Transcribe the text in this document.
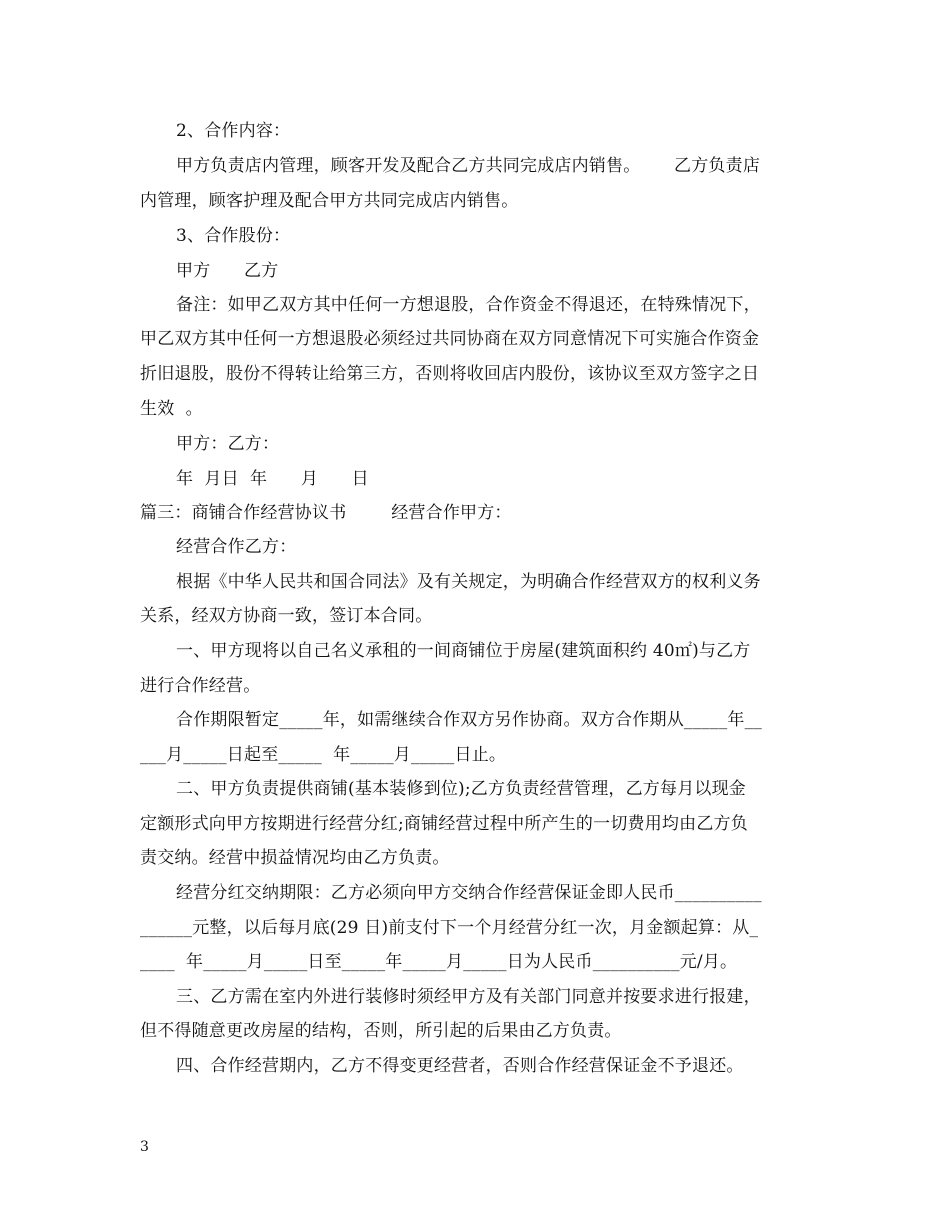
2、合作内容：
甲方负责店内管理，顾客开发及配合乙方共同完成店内销售。      乙方负责店
内管理，顾客护理及配合甲方共同完成店内销售。
3、合作股份：
甲方      乙方
备注：如甲乙双方其中任何一方想退股，合作资金不得退还，在特殊情况下，
甲乙双方其中任何一方想退股必须经过共同协商在双方同意情况下可实施合作资金
折旧退股，股份不得转让给第三方，否则将收回店内股份，该协议至双方签字之日
生效  。
甲方：乙方：
年  月日  年      月      日
篇三：商铺合作经营协议书        经营合作甲方：
经营合作乙方：
根据《中华人民共和国合同法》及有关规定，为明确合作经营双方的权利义务
关系，经双方协商一致，签订本合同。
一、甲方现将以自己名义承租的一间商铺位于房屋(建筑面积约 40㎡)与乙方
进行合作经营。
合作期限暂定_____年，如需继续合作双方另作协商。双方合作期从_____年__
___月_____日起至_____  年_____月_____日止。
二、甲方负责提供商铺(基本装修到位);乙方负责经营管理，乙方每月以现金
定额形式向甲方按期进行经营分红;商铺经营过程中所产生的一切费用均由乙方负
责交纳。经营中损益情况均由乙方负责。
经营分红交纳期限：乙方必须向甲方交纳合作经营保证金即人民币__________
______元整，以后每月底(29 日)前支付下一个月经营分红一次，月金额起算：从_
____  年_____月_____日至_____年_____月_____日为人民币__________元/月。
三、乙方需在室内外进行装修时须经甲方及有关部门同意并按要求进行报建，
但不得随意更改房屋的结构，否则，所引起的后果由乙方负责。
四、合作经营期内，乙方不得变更经营者，否则合作经营保证金不予退还。
3
